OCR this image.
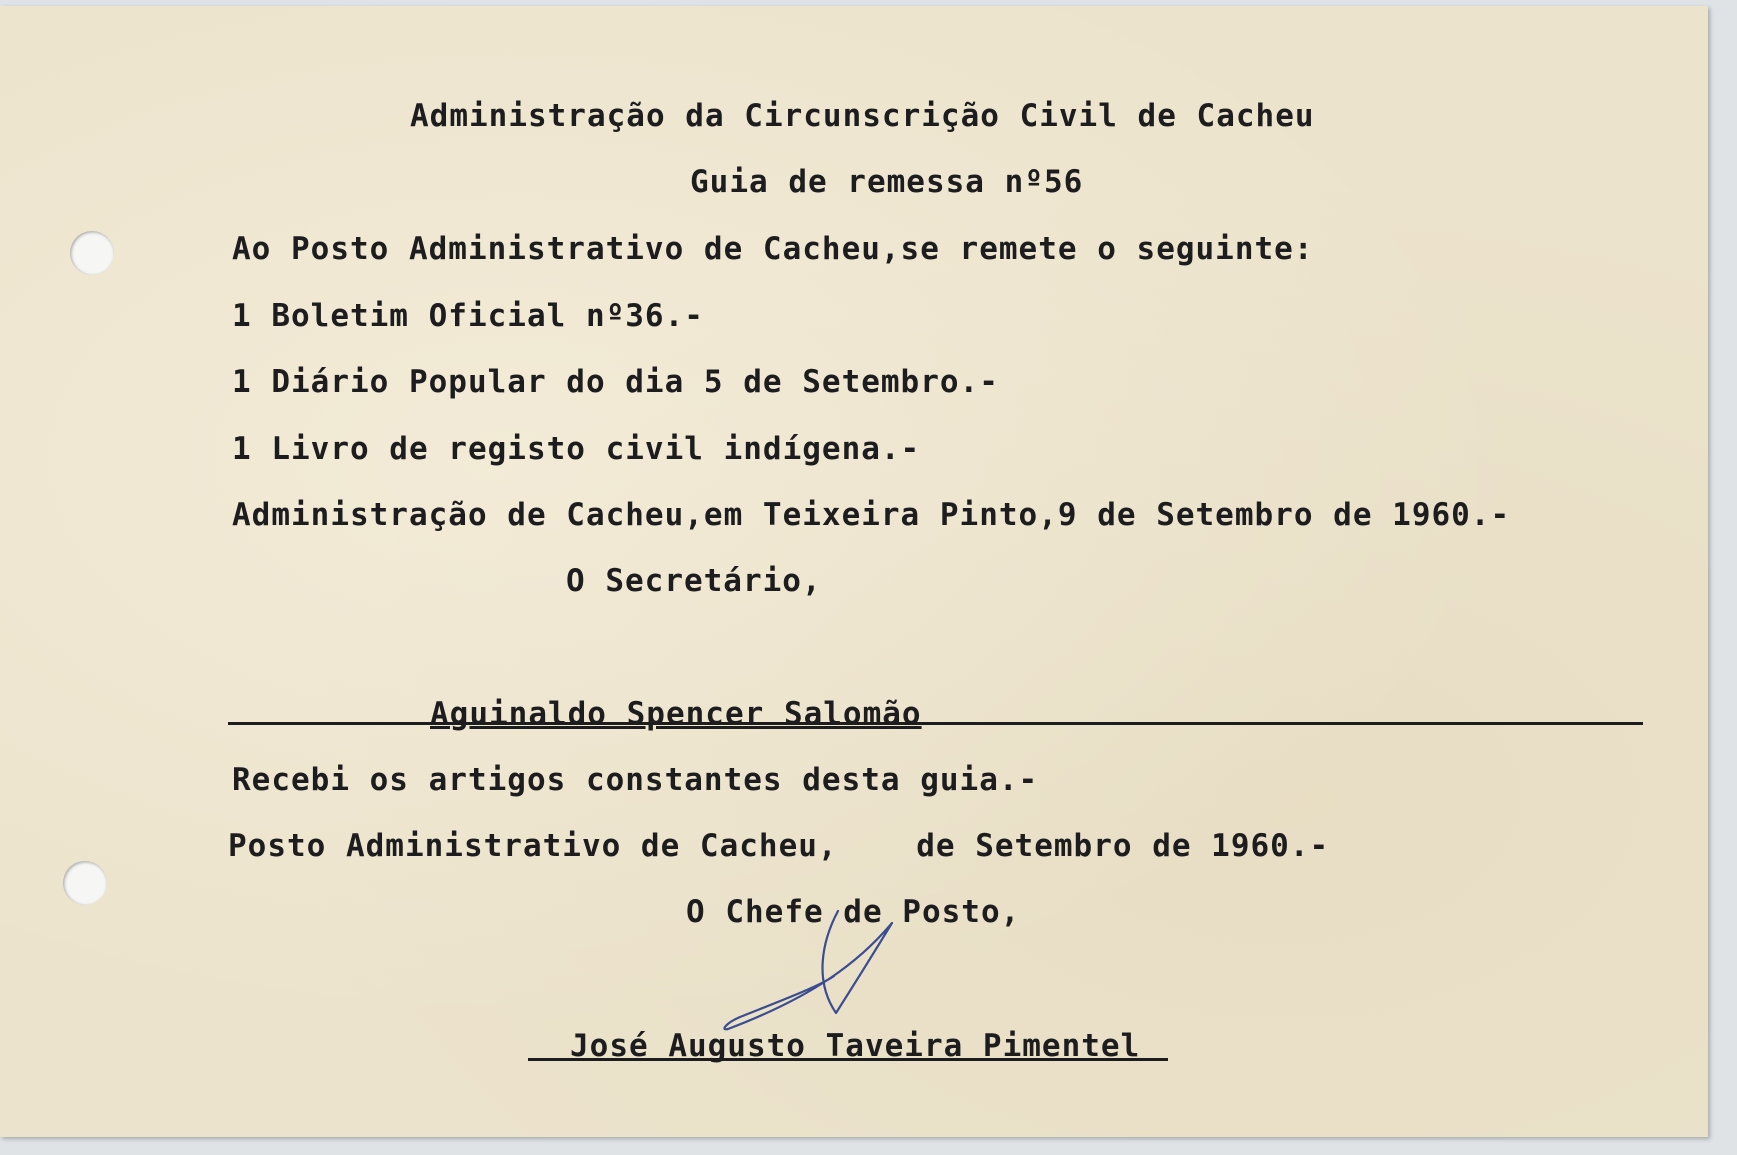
Administração da Circunscrição Civil de Cacheu
Guia de remessa nº56
Ao Posto Administrativo de Cacheu,se remete o seguinte:
1 Boletim Oficial nº36.-
1 Diário Popular do dia 5 de Setembro.-
1 Livro de registo civil indígena.-
Administração de Cacheu,em Teixeira Pinto,9 de Setembro de 1960.-
O Secretário,
Aguinaldo Spencer Salomão
Recebi os artigos constantes desta guia.-
Posto Administrativo de Cacheu,    de Setembro de 1960.-
O Chefe de Posto,
José Augusto Taveira Pimentel
